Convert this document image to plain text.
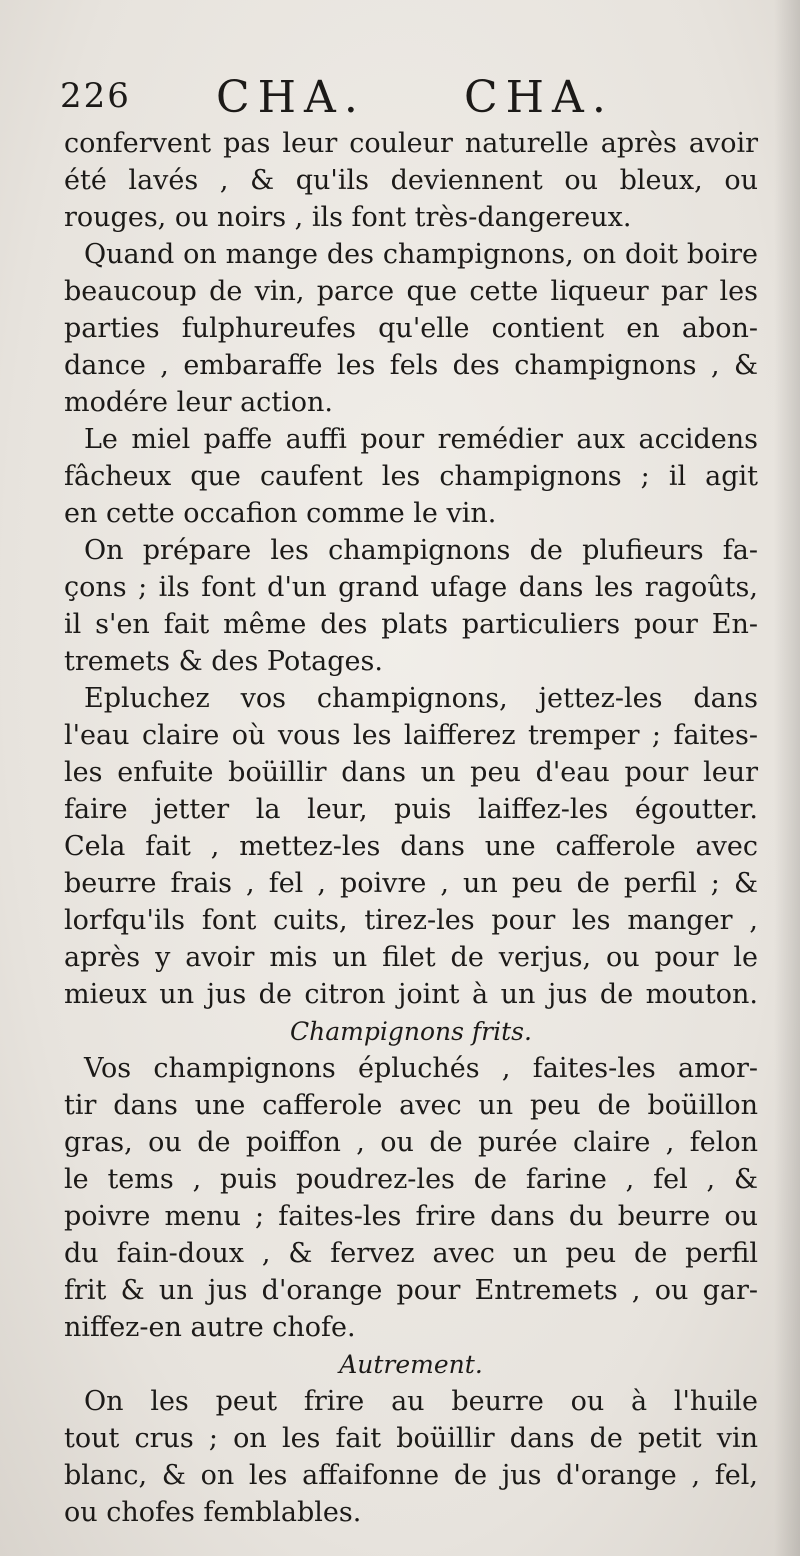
226 CHA. CHA.
confervent pas leur couleur naturelle après avoir
été lavés , & qu'ils deviennent ou bleux, ou
rouges, ou noirs , ils font très-dangereux.
Quand on mange des champignons, on doit boire
beaucoup de vin, parce que cette liqueur par les
parties fulphureufes qu'elle contient en abon-
dance , embaraffe les fels des champignons , &
modére leur action.
Le miel paffe auffi pour remédier aux accidens
fâcheux que caufent les champignons ; il agit
en cette occafion comme le vin.
On prépare les champignons de plufieurs fa-
çons ; ils font d'un grand ufage dans les ragoûts,
il s'en fait même des plats particuliers pour En-
tremets & des Potages.
Epluchez vos champignons, jettez-les dans
l'eau claire où vous les laifferez tremper ; faites-
les enfuite boüillir dans un peu d'eau pour leur
faire jetter la leur, puis laiffez-les égoutter.
Cela fait , mettez-les dans une cafferole avec
beurre frais , fel , poivre , un peu de perfil ; &
lorfqu'ils font cuits, tirez-les pour les manger ,
après y avoir mis un filet de verjus, ou pour le
mieux un jus de citron joint à un jus de mouton.
Champignons frits.
Vos champignons épluchés , faites-les amor-
tir dans une cafferole avec un peu de boüillon
gras, ou de poiffon , ou de purée claire , felon
le tems , puis poudrez-les de farine , fel , &
poivre menu ; faites-les frire dans du beurre ou
du fain-doux , & fervez avec un peu de perfil
frit & un jus d'orange pour Entremets , ou gar-
niffez-en autre chofe.
Autrement.
On les peut frire au beurre ou à l'huile
tout crus ; on les fait boüillir dans de petit vin
blanc, & on les affaifonne de jus d'orange , fel,
ou chofes femblables.
